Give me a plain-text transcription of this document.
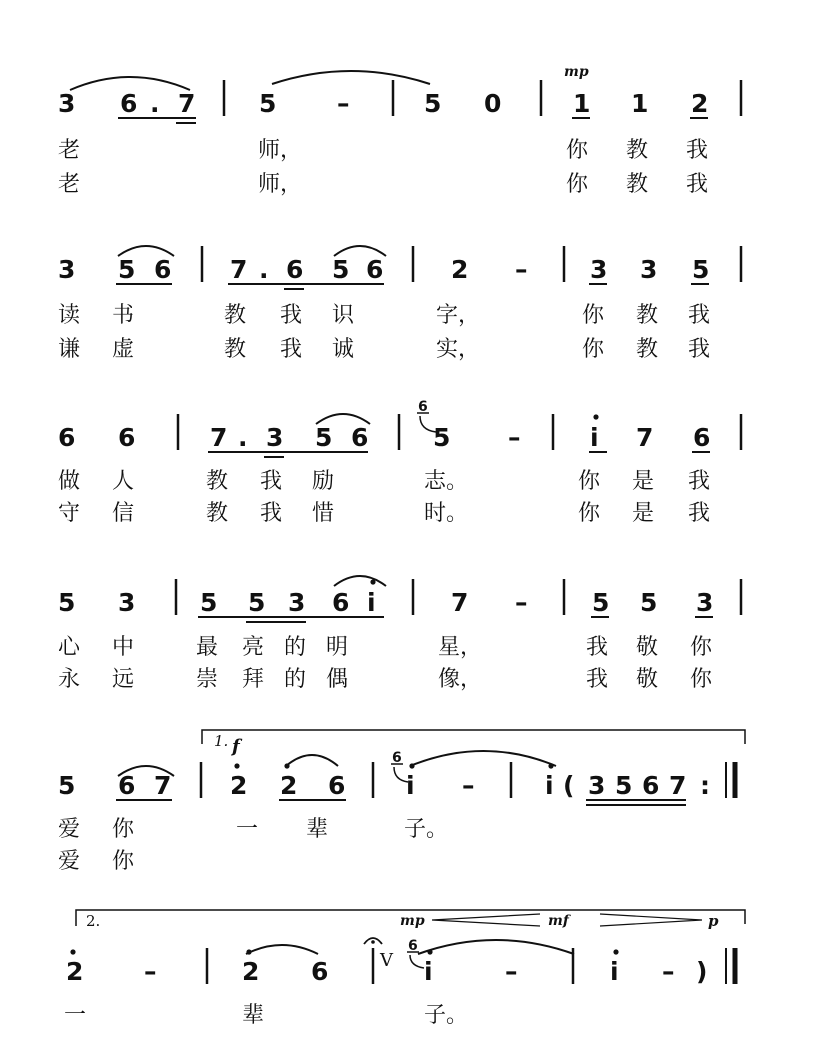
mp
3 6 . 7	5 –	5 0	1 1 2
老	师，	你 教 我
老	师，	你 教 我
3 5 6 7 . 6 5 6	2 –	3 3 5
读 书	教 我 识	字，	你 教 我
谦 虚	教 我 诚	实，	你 教 我
6 6	7 . 3 5 6
6
5 –	i 7 6
做 人	教 我 励	志。	你 是 我
守 信	教 我 惜	时。	你 是 我
5 3	5 5 3 6 i	7 –	5 5 3
心 中	最 亮 的 明	星，	我 敬 你
永 远	崇 拜 的 偶	像，	我 敬 你
1. f
5 6 7 2 2 6
6
i –	i ( 3 5 6 7 :
爱 你	一 辈	子。
爱 你
2.	mp	mf	p
2 –	2 6	V
6
i	–	i – )
一	辈	子。
